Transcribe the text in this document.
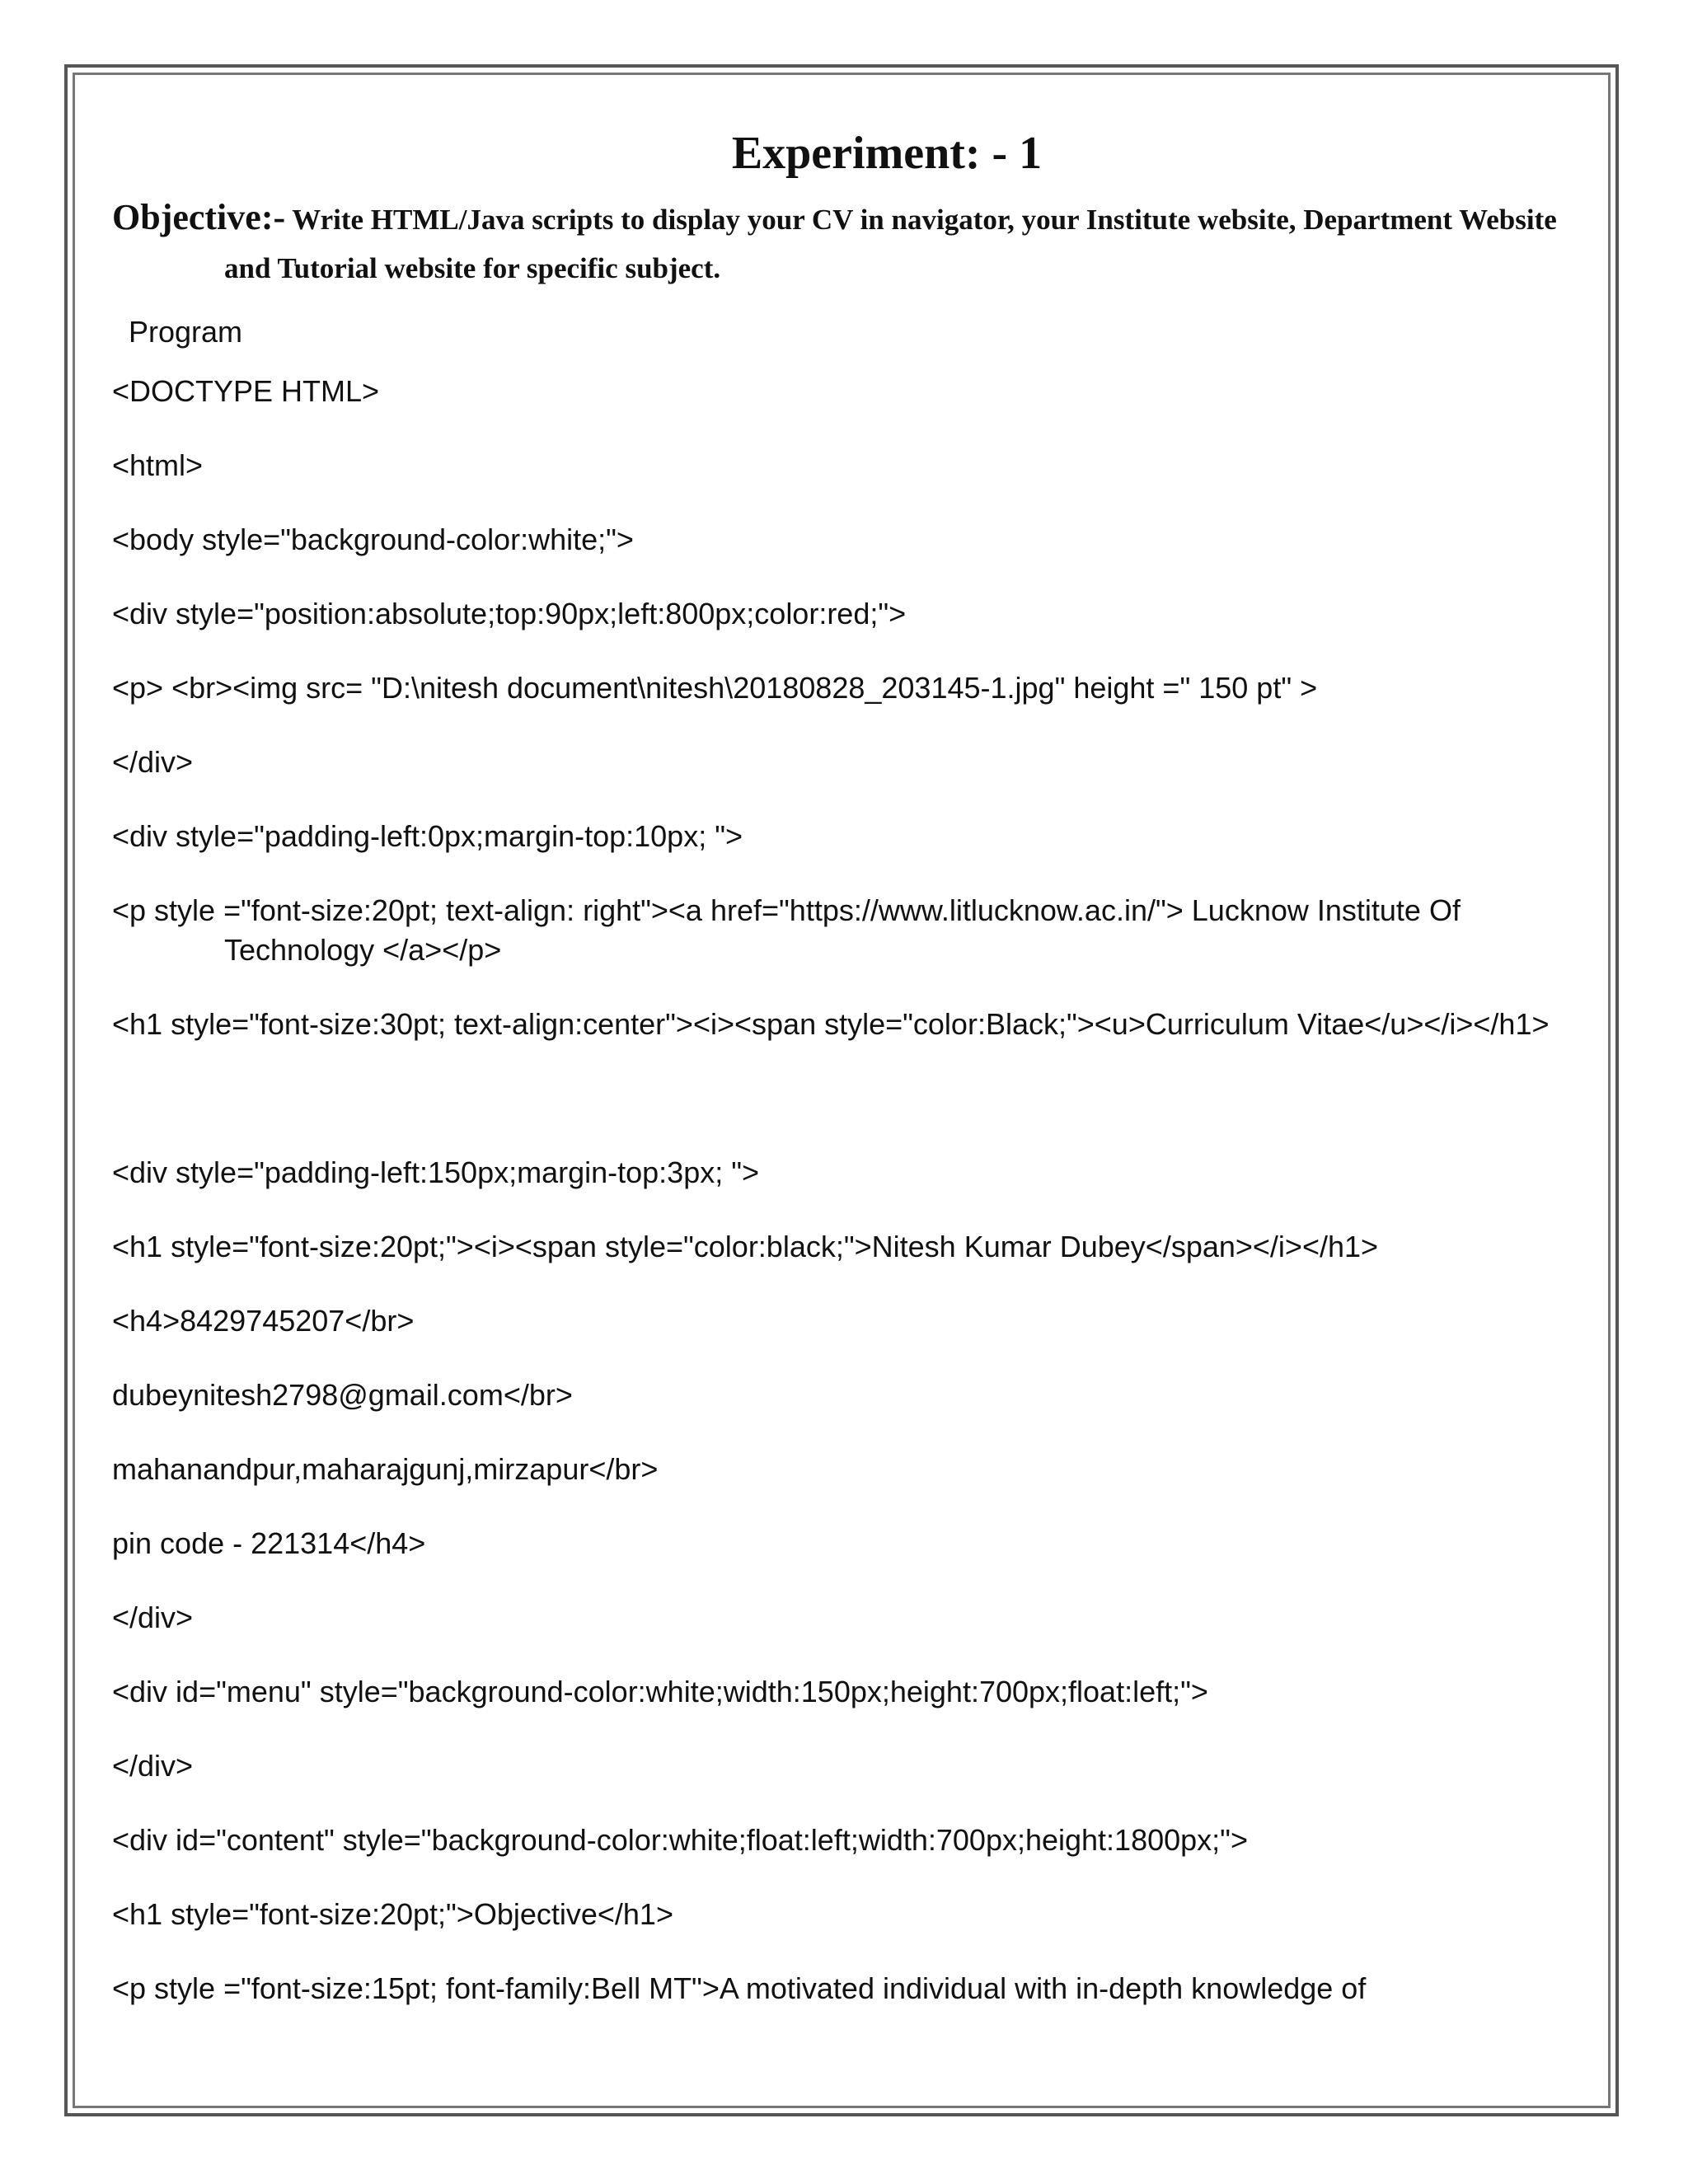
Experiment: - 1
Objective:- Write HTML/Java scripts to display your CV in navigator, your Institute website, Department Website and Tutorial website for specific subject.
Program
<DOCTYPE HTML>
<html>
<body style="background-color:white;">
<div style="position:absolute;top:90px;left:800px;color:red;">
<p> <br><img src= "D:\nitesh document\nitesh\20180828_203145-1.jpg" height =" 150 pt" >
</div>
<div style="padding-left:0px;margin-top:10px; ">
<p style ="font-size:20pt; text-align: right"><a href="https://www.litlucknow.ac.in/"> Lucknow Institute Of Technology </a></p>
<h1 style="font-size:30pt; text-align:center"><i><span style="color:Black;"><u>Curriculum Vitae</u></i></h1>
<div style="padding-left:150px;margin-top:3px; ">
<h1 style="font-size:20pt;"><i><span style="color:black;">Nitesh Kumar Dubey</span></i></h1>
<h4>8429745207</br>
dubeynitesh2798@gmail.com</br>
mahanandpur,maharajgunj,mirzapur</br>
pin code - 221314</h4>
</div>
<div id="menu" style="background-color:white;width:150px;height:700px;float:left;">
</div>
<div id="content" style="background-color:white;float:left;width:700px;height:1800px;">
<h1 style="font-size:20pt;">Objective</h1>
<p style ="font-size:15pt; font-family:Bell MT">A motivated individual with in-depth knowledge of
